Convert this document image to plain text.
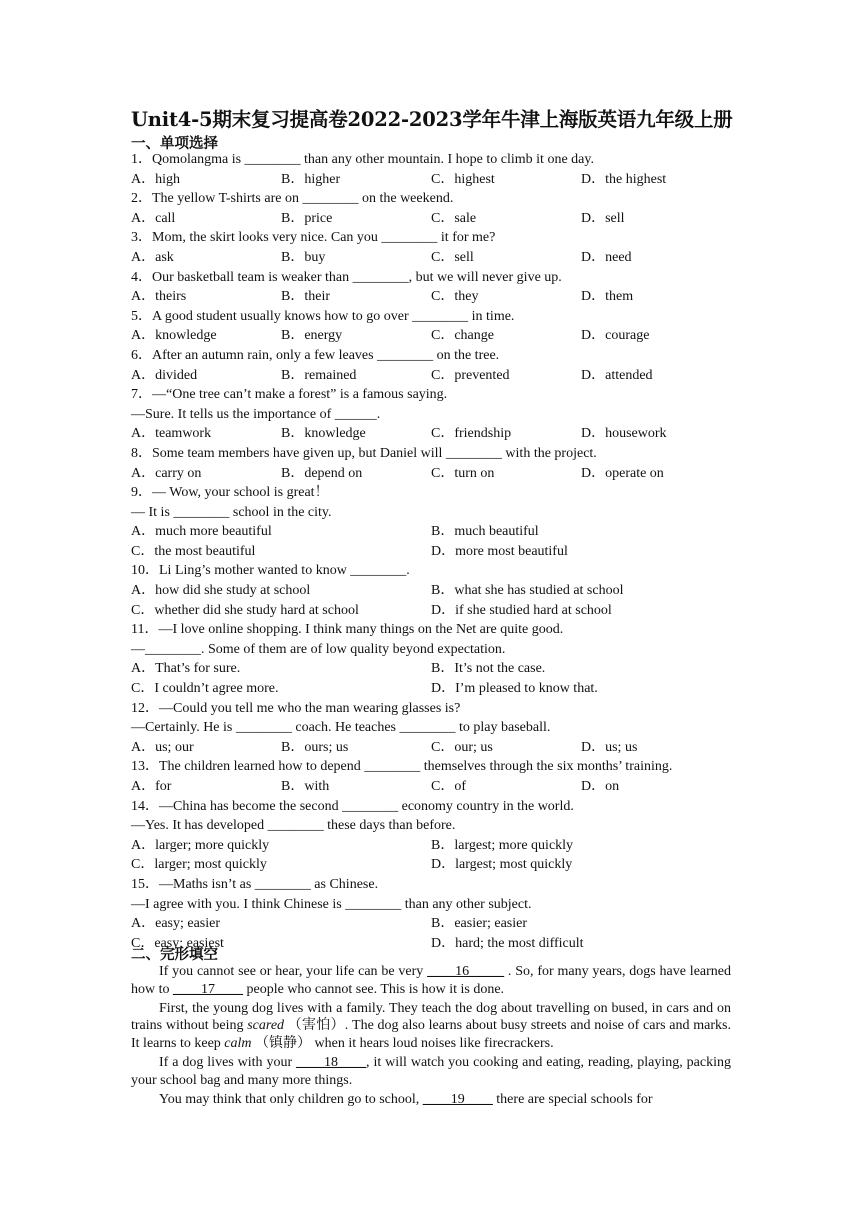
Unit4-5期末复习提高卷2022-2023学年牛津上海版英语九年级上册
一、单项选择
1．Qomolangma is ________ than any other mountain. I hope to climb it one day.
A．high	B．higher	C．highest	D．the highest
2．The yellow T-shirts are on ________ on the weekend.
A．call	B．price	C．sale	D．sell
3．Mom, the skirt looks very nice. Can you ________ it for me?
A．ask	B．buy	C．sell	D．need
4．Our basketball team is weaker than ________, but we will never give up.
A．theirs	B．their	C．they	D．them
5．A good student usually knows how to go over ________ in time.
A．knowledge	B．energy	C．change	D．courage
6．After an autumn rain, only a few leaves ________ on the tree.
A．divided	B．remained	C．prevented	D．attended
7．—“One tree can’t make a forest” is a famous saying.
—Sure. It tells us the importance of ______.
A．teamwork	B．knowledge	C．friendship	D．housework
8．Some team members have given up, but Daniel will ________ with the project.
A．carry on	B．depend on	C．turn on	D．operate on
9．— Wow, your school is great！
— It is ________ school in the city.
A．much more beautiful	B．much beautiful
C．the most beautiful	D．more most beautiful
10．Li Ling’s mother wanted to know ________.
A．how did she study at school	B．what she has studied at school
C．whether did she study hard at school	D．if she studied hard at school
11．—I love online shopping. I think many things on the Net are quite good.
—________. Some of them are of low quality beyond expectation.
A．That’s for sure.	B．It’s not the case.
C．I couldn’t agree more.	D．I’m pleased to know that.
12．—Could you tell me who the man wearing glasses is?
—Certainly. He is ________ coach. He teaches ________ to play baseball.
A．us; our	B．ours; us	C．our; us	D．us; us
13．The children learned how to depend ________ themselves through the six months’ training.
A．for	B．with	C．of	D．on
14．—China has become the second ________ economy country in the world.
—Yes. It has developed ________ these days than before.
A．larger; more quickly	B．largest; more quickly
C．larger; most quickly	D．largest; most quickly
15．—Maths isn’t as ________ as Chinese.
—I agree with you. I think Chinese is ________ than any other subject.
A．easy; easier	B．easier; easier
C．easy; easiest	D．hard; the most difficult
二、完形填空

If you cannot see or hear, your life can be very ____16_____ . So, for many years, dogs have learned how to ____17____ people who cannot see. This is how it is done.

First, the young dog lives with a family. They teach the dog about travelling on bused, in cars and on trains without being scared （害怕）. The dog also learns about busy streets and noise of cars and marks. It learns to keep calm （镇静） when it hears loud noises like firecrackers.

If a dog lives with your ____18____, it will watch you cooking and eating, reading, playing, packing your school bag and many more things.

You may think that only children go to school, ____19____ there are special schools for
